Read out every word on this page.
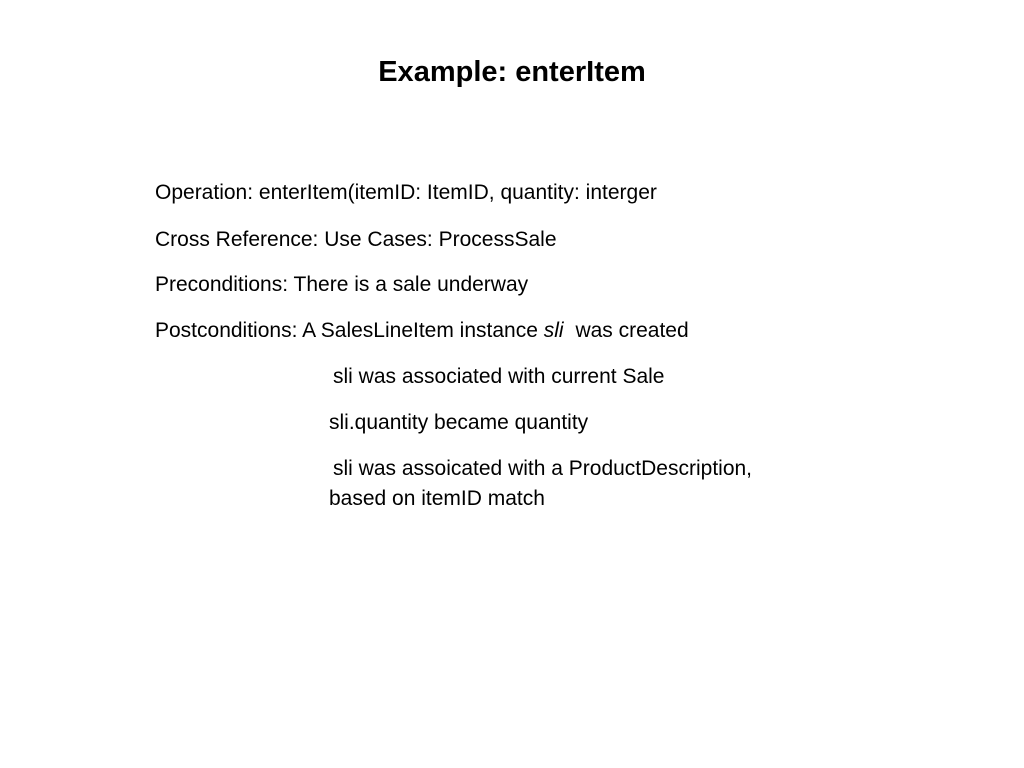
Example: enterItem
Operation: enterItem(itemID: ItemID, quantity: interger
Cross Reference: Use Cases: ProcessSale
Preconditions: There is a sale underway
Postconditions: A SalesLineItem instance sli was created
sli was associated with current Sale
sli.quantity became quantity
sli was assoicated with a ProductDescription, based on itemID match
